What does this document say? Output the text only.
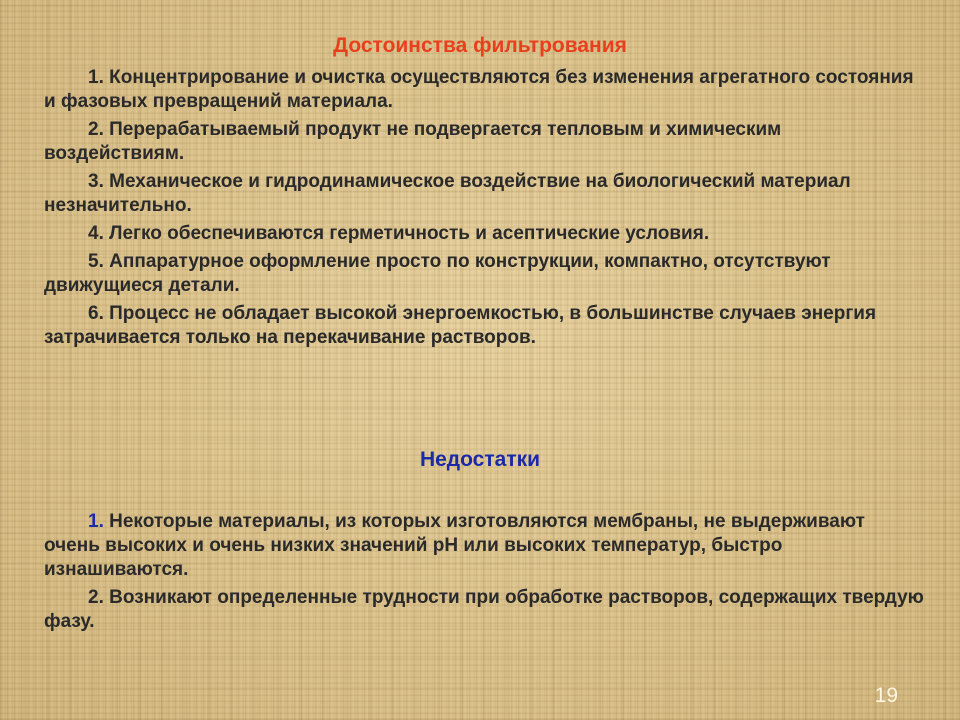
Достоинства фильтрования

1. Концентрирование и очистка осуществляются без изменения агрегатного состояния и фазовых превращений материала.

2. Перерабатываемый продукт не подвергается тепловым и химическим воздействиям.

3. Механическое и гидродинамическое воздействие на биологический материал незначительно.

4. Легко обеспечиваются герметичность и асептические условия.

5. Аппаратурное оформление просто по конструкции, компактно, отсутствуют движущиеся детали.

6. Процесс не обладает высокой энергоемкостью, в большинстве случаев энергия затрачивается только на перекачивание растворов.

Недостатки

1. Некоторые материалы, из которых изготовляются мембраны, не выдерживают очень высоких и очень низких значений pH или высоких температур, быстро изнашиваются.

2. Возникают определенные трудности при обработке растворов, содержащих твердую фазу.

19
